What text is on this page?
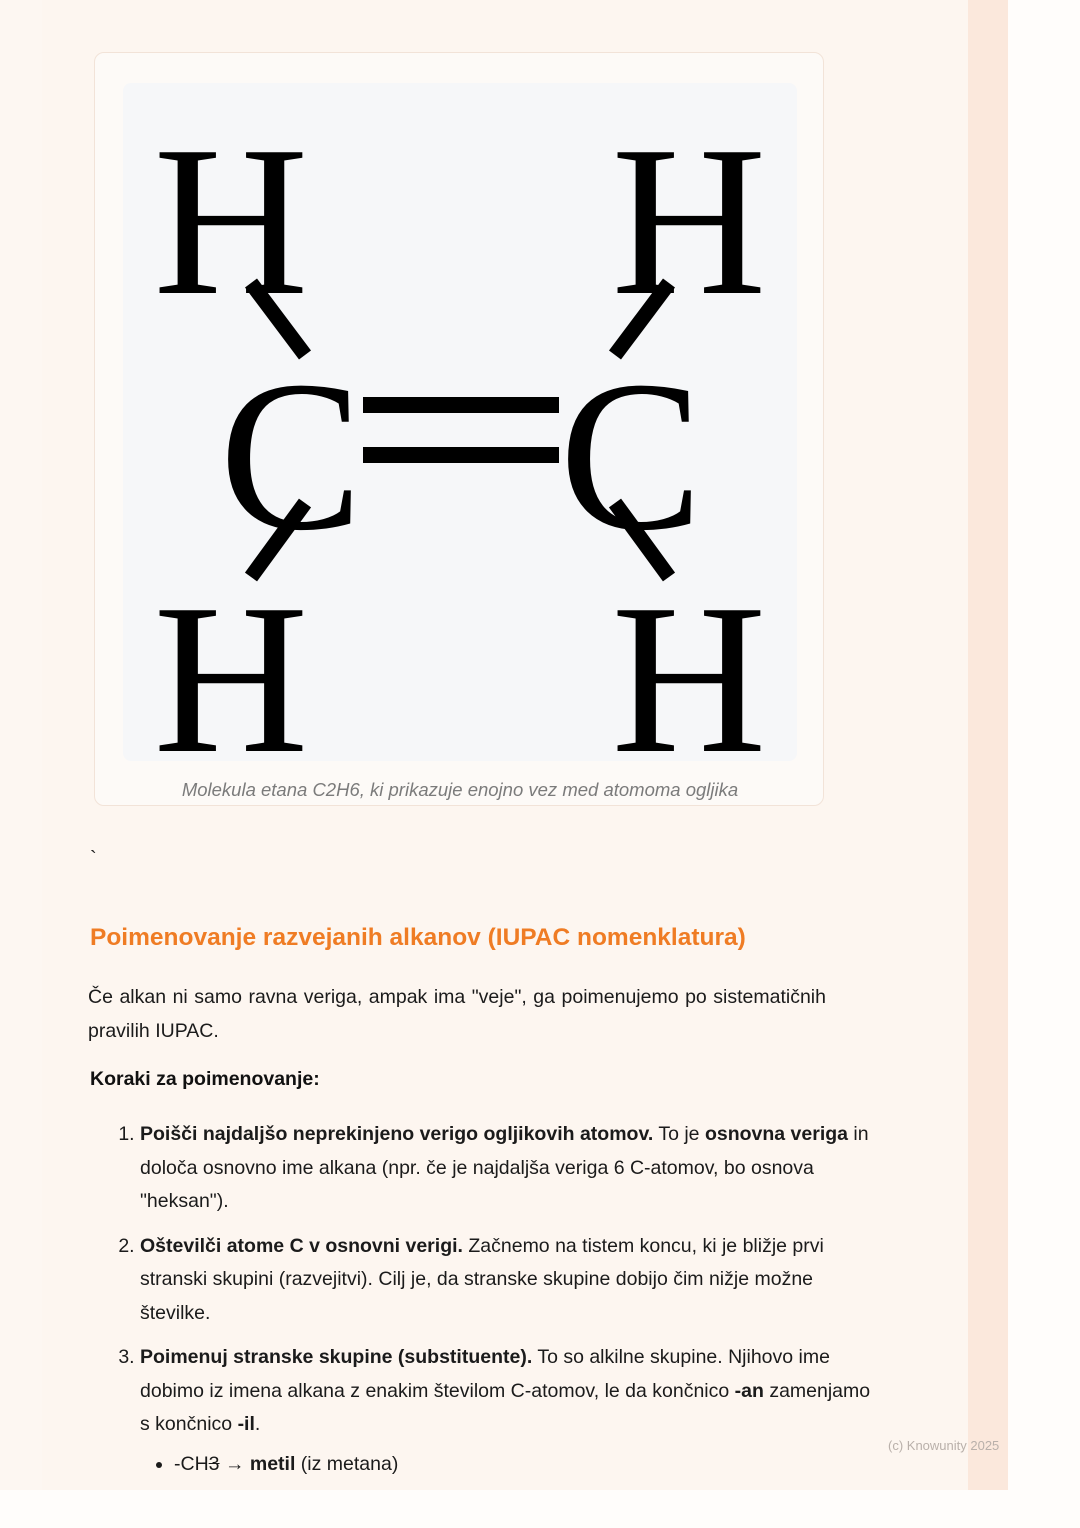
H H
C C
H H
Molekula etana C2H6, ki prikazuje enojno vez med atomoma ogljika
`
Poimenovanje razvejanih alkanov (IUPAC nomenklatura)
Če alkan ni samo ravna veriga, ampak ima "veje", ga poimenujemo po sistematičnih pravilih IUPAC.
Koraki za poimenovanje:
1. Poišči najdaljšo neprekinjeno verigo ogljikovih atomov. To je osnovna veriga in določa osnovno ime alkana (npr. če je najdaljša veriga 6 C-atomov, bo osnova "heksan").
2. Oštevilči atome C v osnovni verigi. Začnemo na tistem koncu, ki je bližje prvi stranski skupini (razvejitvi). Cilj je, da stranske skupine dobijo čim nižje možne številke.
3. Poimenuj stranske skupine (substituente). To so alkilne skupine. Njihovo ime dobimo iz imena alkana z enakim številom C-atomov, le da končnico -an zamenjamo s končnico -il.
• -CH3 → metil (iz metana)
(c) Knowunity 2025
